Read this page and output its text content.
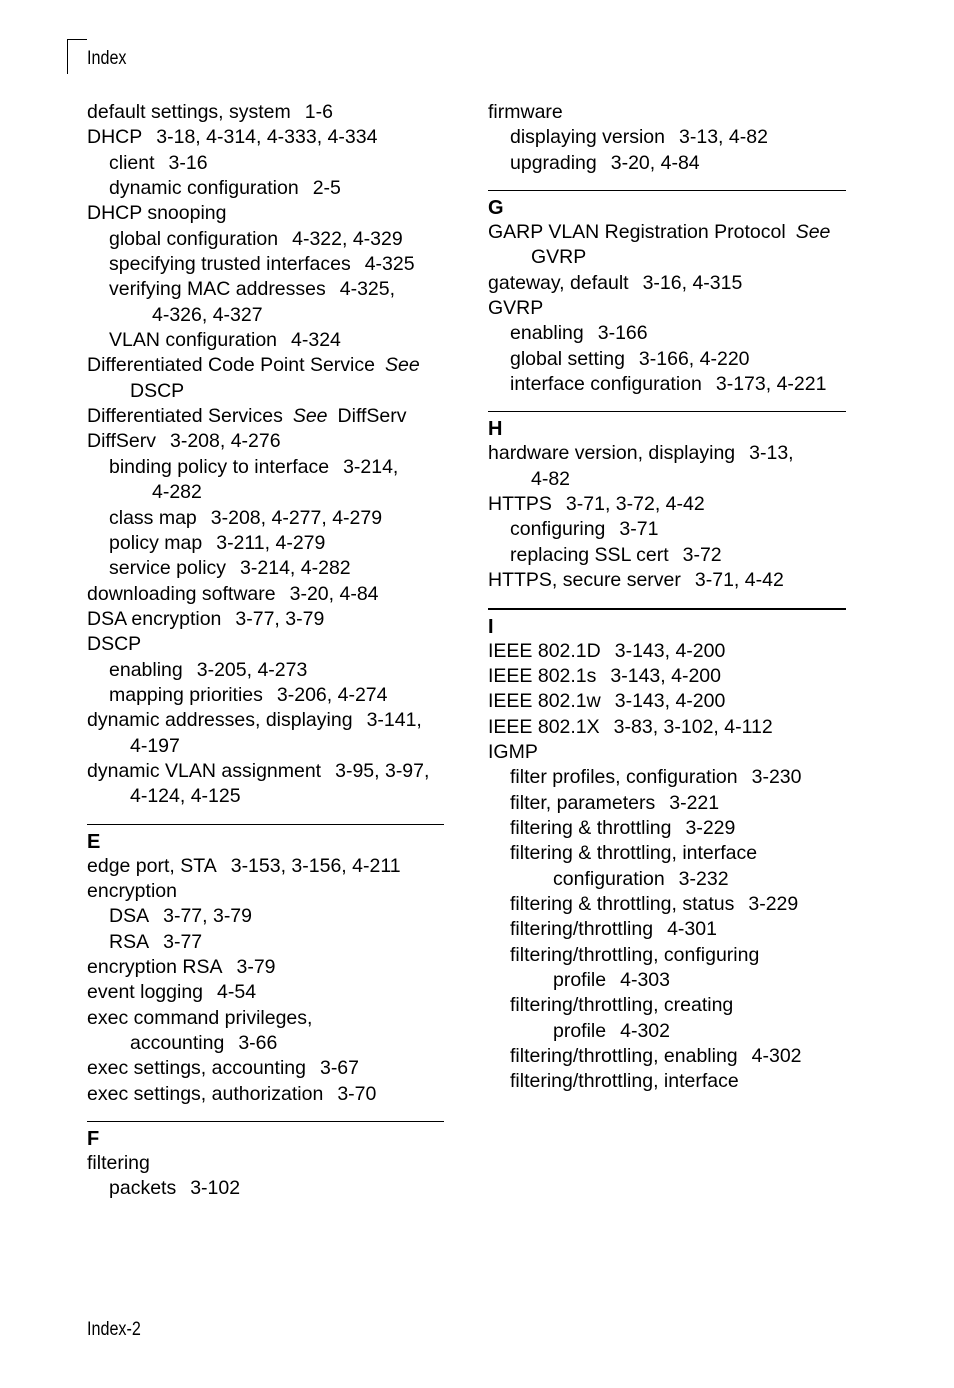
Index
default settings, system 1-6
DHCP 3-18, 4-314, 4-333, 4-334
client 3-16
dynamic configuration 2-5
DHCP snooping
global configuration 4-322, 4-329
specifying trusted interfaces 4-325
verifying MAC addresses 4-325,
4-326, 4-327
VLAN configuration 4-324
Differentiated Code Point Service See
DSCP
Differentiated Services See DiffServ
DiffServ 3-208, 4-276
binding policy to interface 3-214,
4-282
class map 3-208, 4-277, 4-279
policy map 3-211, 4-279
service policy 3-214, 4-282
downloading software 3-20, 4-84
DSA encryption 3-77, 3-79
DSCP
enabling 3-205, 4-273
mapping priorities 3-206, 4-274
dynamic addresses, displaying 3-141,
4-197
dynamic VLAN assignment 3-95, 3-97,
4-124, 4-125
E
edge port, STA 3-153, 3-156, 4-211
encryption
DSA 3-77, 3-79
RSA 3-77
encryption RSA 3-79
event logging 4-54
exec command privileges,
accounting 3-66
exec settings, accounting 3-67
exec settings, authorization 3-70
F
filtering
packets 3-102
firmware
displaying version 3-13, 4-82
upgrading 3-20, 4-84
G
GARP VLAN Registration Protocol See
GVRP
gateway, default 3-16, 4-315
GVRP
enabling 3-166
global setting 3-166, 4-220
interface configuration 3-173, 4-221
H
hardware version, displaying 3-13,
4-82
HTTPS 3-71, 3-72, 4-42
configuring 3-71
replacing SSL cert 3-72
HTTPS, secure server 3-71, 4-42
I
IEEE 802.1D 3-143, 4-200
IEEE 802.1s 3-143, 4-200
IEEE 802.1w 3-143, 4-200
IEEE 802.1X 3-83, 3-102, 4-112
IGMP
filter profiles, configuration 3-230
filter, parameters 3-221
filtering & throttling 3-229
filtering & throttling, interface
configuration 3-232
filtering & throttling, status 3-229
filtering/throttling 4-301
filtering/throttling, configuring
profile 4-303
filtering/throttling, creating
profile 4-302
filtering/throttling, enabling 4-302
filtering/throttling, interface
Index-2
